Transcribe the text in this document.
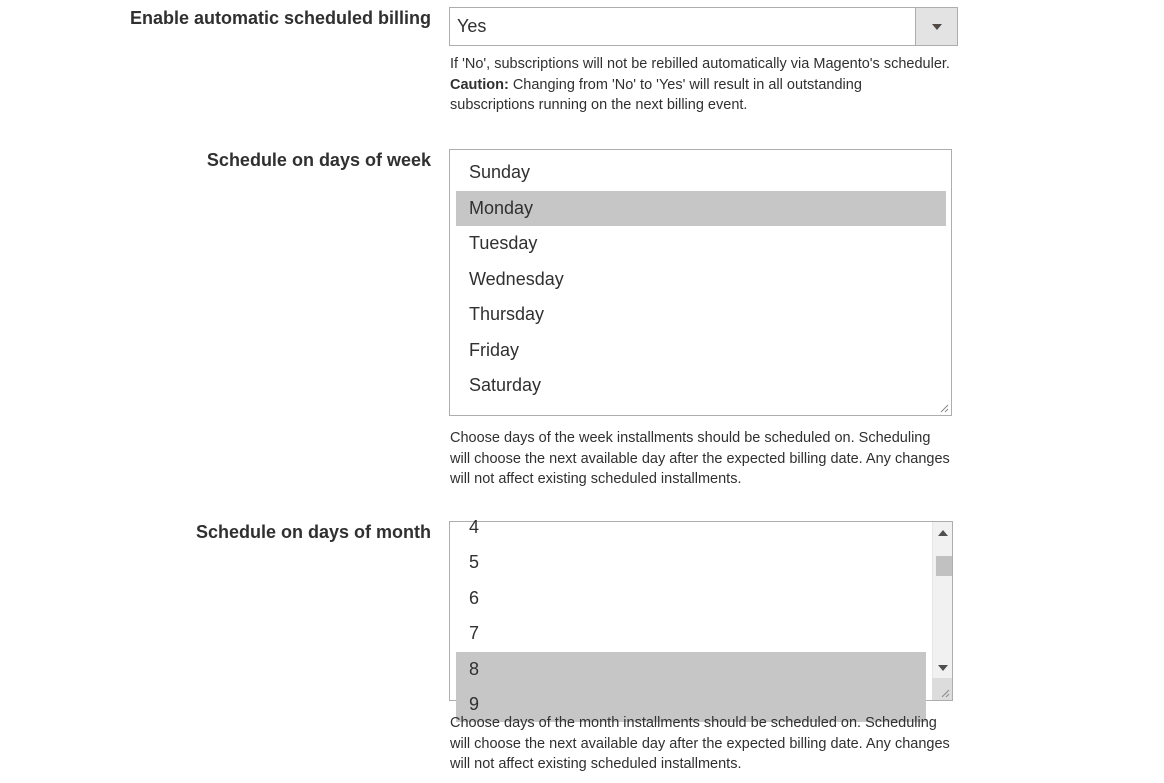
Enable automatic scheduled billing Yes
If 'No', subscriptions will not be rebilled automatically via Magento's scheduler. Caution: Changing from 'No' to 'Yes' will result in all outstanding subscriptions running on the next billing event.
Schedule on days of week
Sunday
Monday
Tuesday
Wednesday
Thursday
Friday
Saturday
Choose days of the week installments should be scheduled on. Scheduling will choose the next available day after the expected billing date. Any changes will not affect existing scheduled installments.
Schedule on days of month	4
5
6
7
8
9
Choose days of the month installments should be scheduled on. Scheduling will choose the next available day after the expected billing date. Any changes will not affect existing scheduled installments.
